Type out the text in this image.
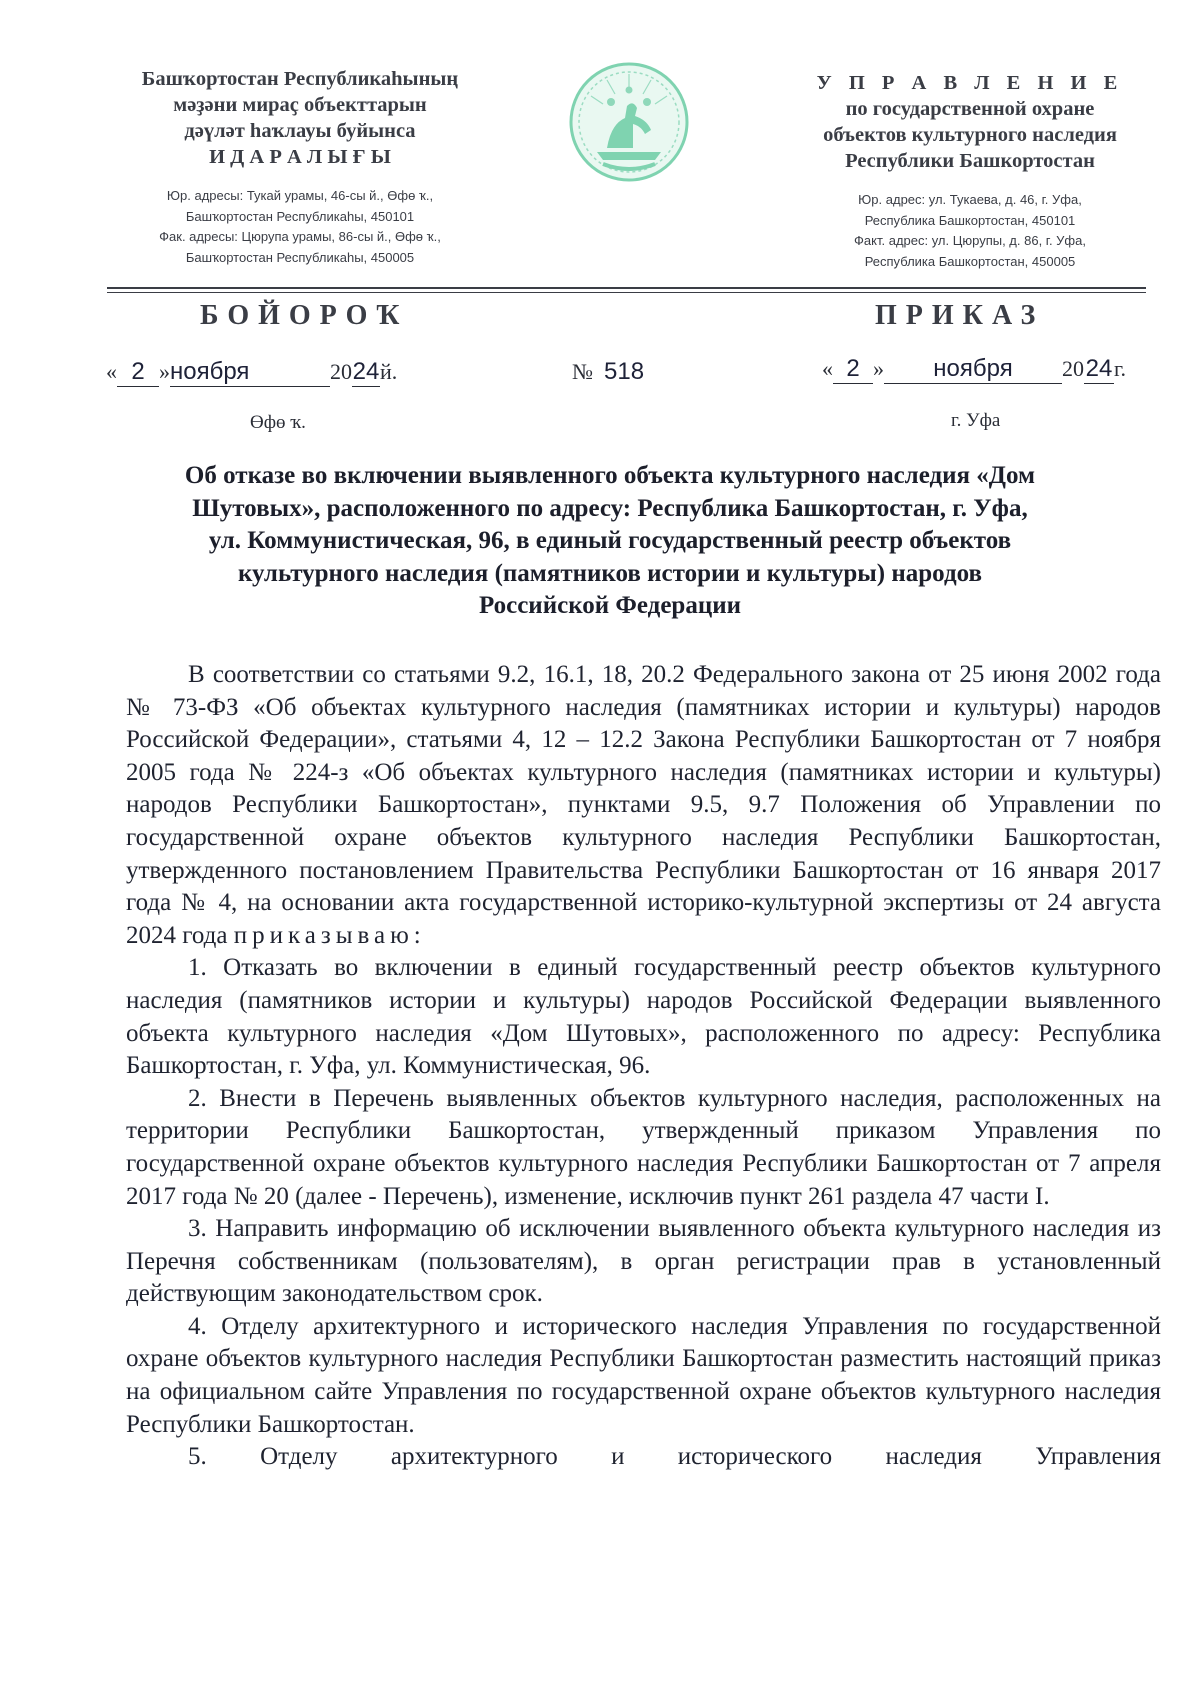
Башҡортостан Республикаһының
мәҙәни мираҫ объекттарын
дәүләт һаҡлауы буйынса
И Д А Р А Л Ы Ғ Ы
Юр. адресы: Тукай урамы, 46-сы й., Өфө ҡ.,
Башҡортостан Республикаһы, 450101
Фак. адресы: Цюрупа урамы, 86-сы й., Өфө ҡ.,
Башҡортостан Республикаһы, 450005
У П Р А В Л Е Н И Е
по государственной охране
объектов культурного наследия
Республики Башкортостан
Юр. адрес: ул. Тукаева, д. 46, г. Уфа,
Республика Башкортостан, 450101
Факт. адрес: ул. Цюрупы, д. 86, г. Уфа,
Республика Башкортостан, 450005
БОЙОРОҠ	ПРИКАЗ
« 2 »ноября	2024й.	№ 518	« 2 » ноября 2024г.
Өфө ҡ.	г. Уфа
Об отказе во включении выявленного объекта культурного наследия «Дом
Шутовых», расположенного по адресу: Республика Башкортостан, г. Уфа,
ул. Коммунистическая, 96, в единый государственный реестр объектов
культурного наследия (памятников истории и культуры) народов
Российской Федерации

В соответствии со статьями 9.2, 16.1, 18, 20.2 Федерального закона от 25 июня 2002 года № 73-ФЗ «Об объектах культурного наследия (памятниках истории и культуры) народов Российской Федерации», статьями 4, 12 – 12.2 Закона Республики Башкортостан от 7 ноября 2005 года № 224-з «Об объектах культурного наследия (памятниках истории и культуры) народов Республики Башкортостан», пунктами 9.5, 9.7 Положения об Управлении по государственной охране объектов культурного наследия Республики Башкортостан, утвержденного постановлением Правительства Республики Башкортостан от 16 января 2017 года № 4, на основании акта государственной историко-культурной экспертизы от 24 августа 2024 года приказываю:

1. Отказать во включении в единый государственный реестр объектов культурного наследия (памятников истории и культуры) народов Российской Федерации выявленного объекта культурного наследия «Дом Шутовых», расположенного по адресу: Республика Башкортостан, г. Уфа, ул. Коммунистическая, 96.

2. Внести в Перечень выявленных объектов культурного наследия, расположенных на территории Республики Башкортостан, утвержденный приказом Управления по государственной охране объектов культурного наследия Республики Башкортостан от 7 апреля 2017 года № 20 (далее - Перечень), изменение, исключив пункт 261 раздела 47 части I.

3. Направить информацию об исключении выявленного объекта культурного наследия из Перечня собственникам (пользователям), в орган регистрации прав в установленный действующим законодательством срок.

4. Отделу архитектурного и исторического наследия Управления по государственной охране объектов культурного наследия Республики Башкортостан разместить настоящий приказ на официальном сайте Управления по государственной охране объектов культурного наследия Республики Башкортостан.

5. Отделу архитектурного и исторического наследия Управления
